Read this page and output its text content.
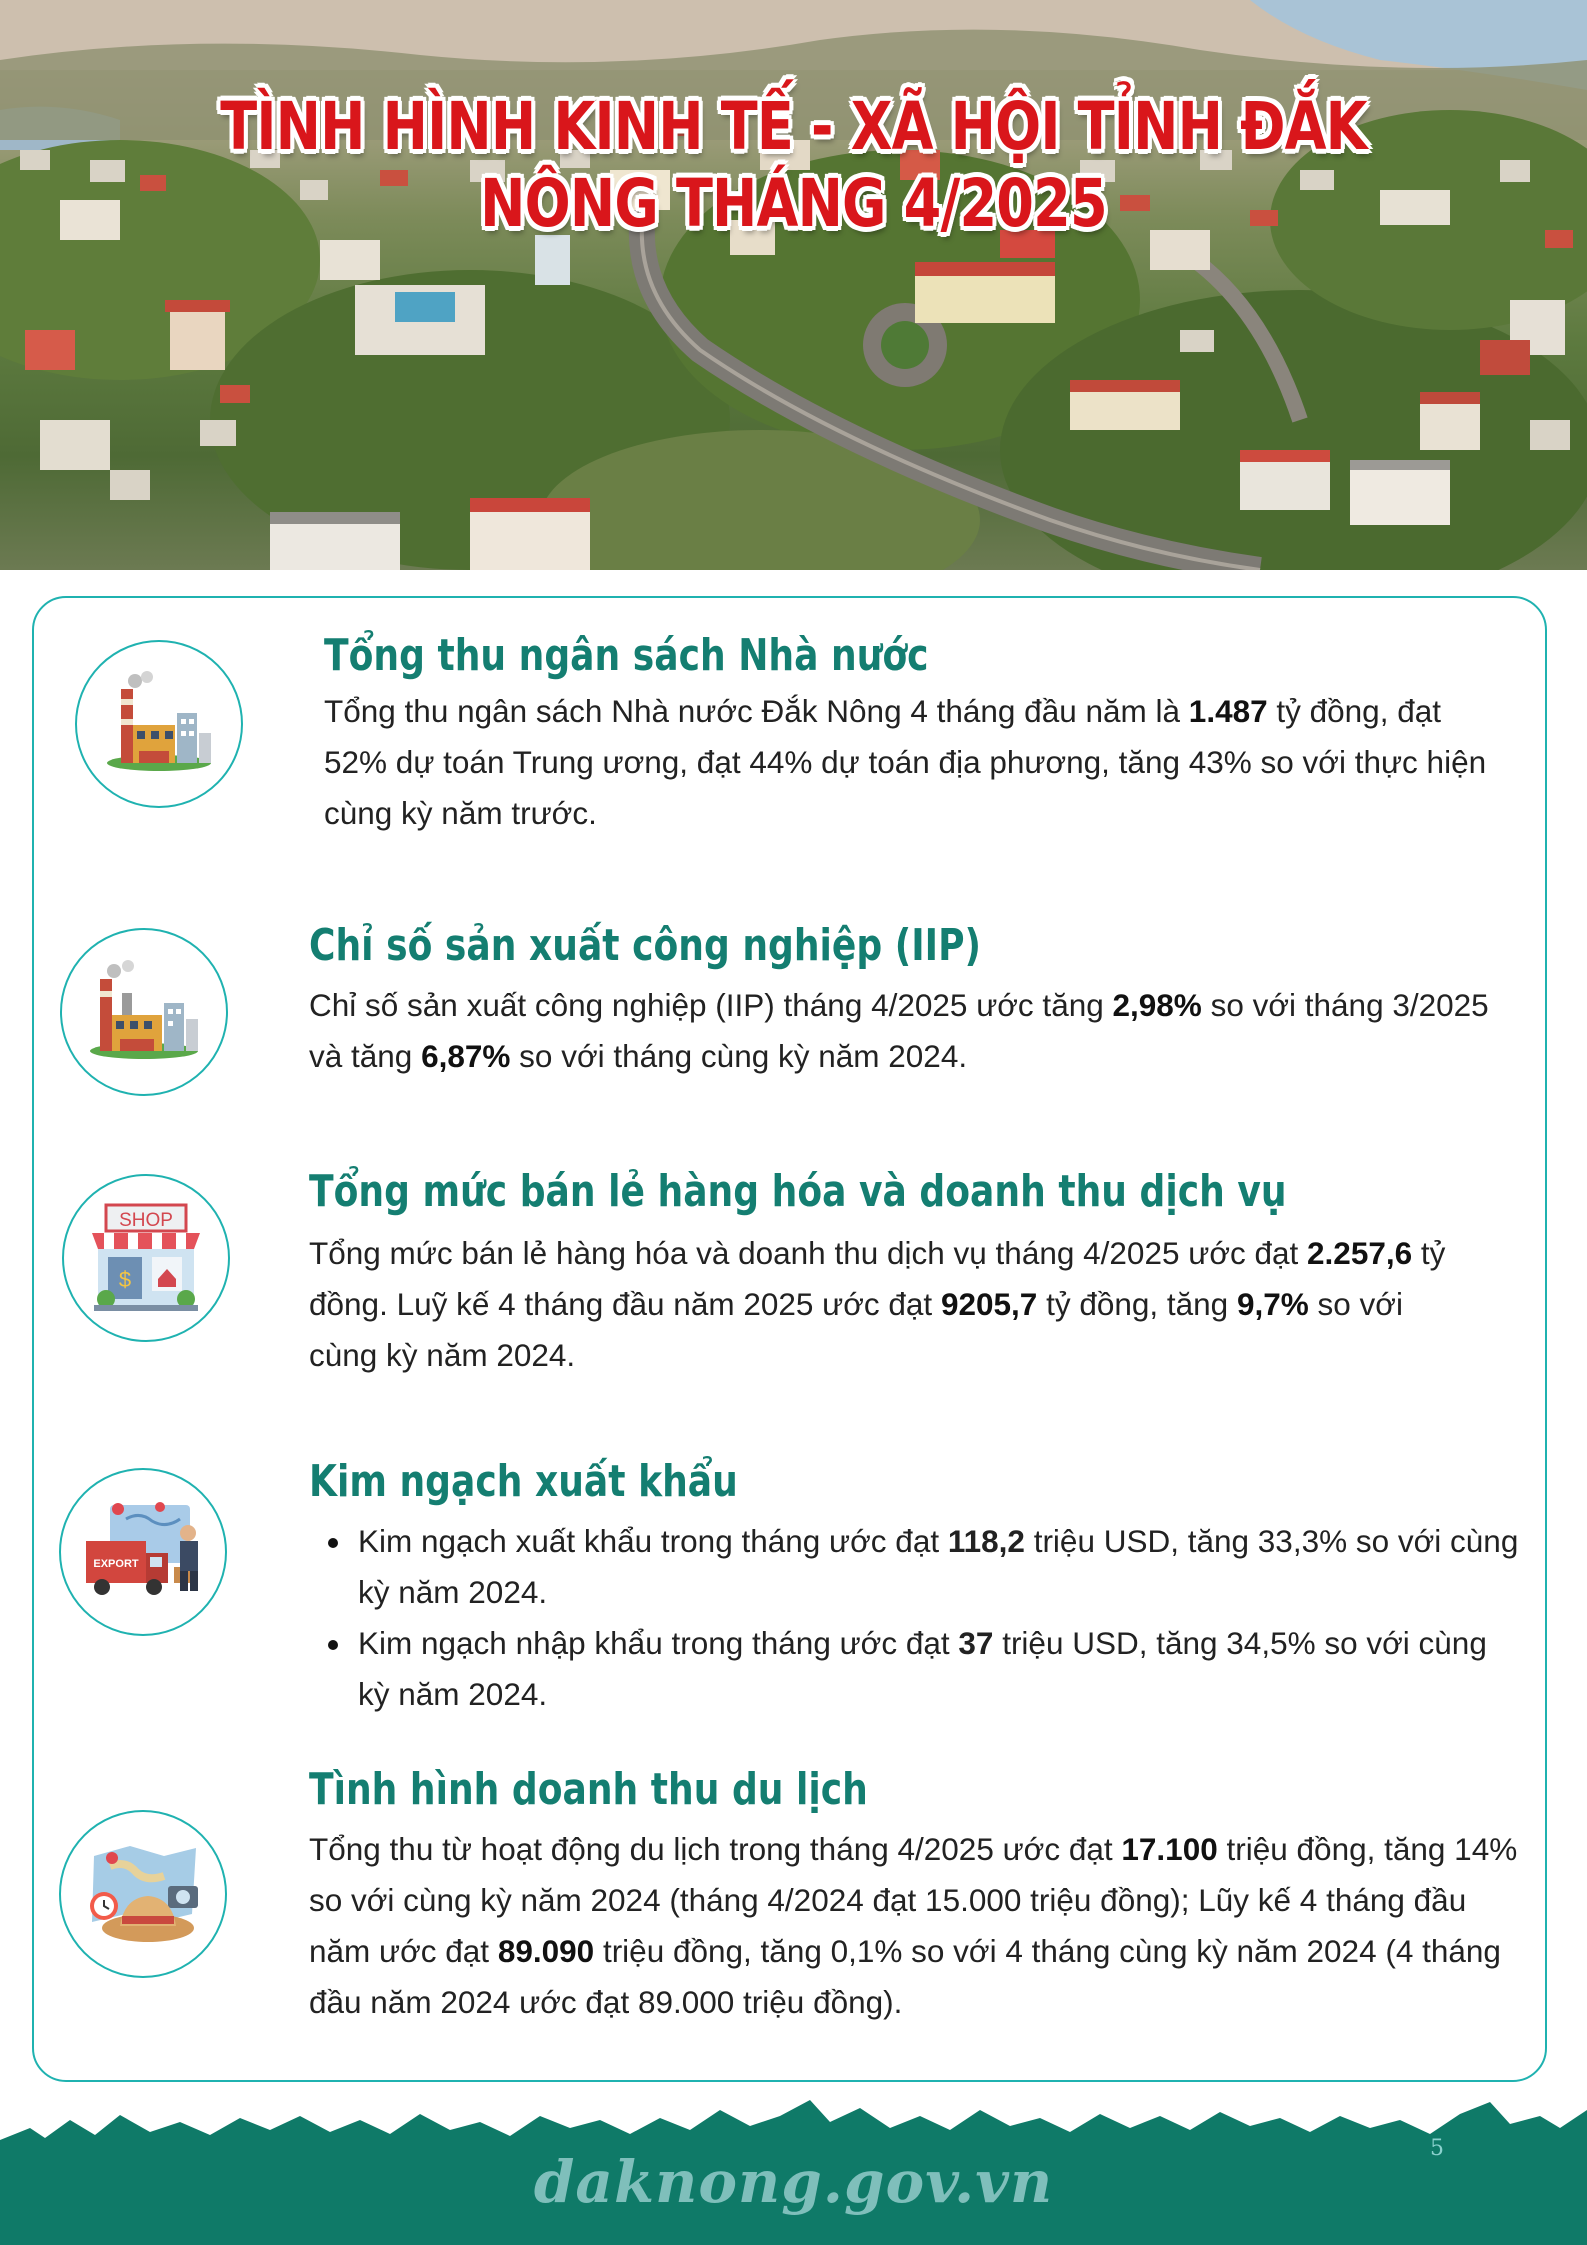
TÌNH HÌNH KINH TẾ - XÃ HỘI TỈNH ĐẮK NÔNG THÁNG 4/2025
Tổng thu ngân sách Nhà nước

Tổng thu ngân sách Nhà nước Đắk Nông 4 tháng đầu năm là 1.487 tỷ đồng, đạt 52% dự toán Trung ương, đạt 44% dự toán địa phương, tăng 43% so với thực hiện cùng kỳ năm trước.

Chỉ số sản xuất công nghiệp (IIP)

Chỉ số sản xuất công nghiệp (IIP) tháng 4/2025 ước tăng 2,98% so với tháng 3/2025 và tăng 6,87% so với tháng cùng kỳ năm 2024.

SHOP
$
Tổng mức bán lẻ hàng hóa và doanh thu dịch vụ

Tổng mức bán lẻ hàng hóa và doanh thu dịch vụ tháng 4/2025 ước đạt 2.257,6 tỷ đồng. Luỹ kế 4 tháng đầu năm 2025 ước đạt 9205,7 tỷ đồng, tăng 9,7% so với cùng kỳ năm 2024.

EXPORT
Kim ngạch xuất khẩu
Kim ngạch xuất khẩu trong tháng ước đạt 118,2 triệu USD, tăng 33,3% so với cùng kỳ năm 2024.
Kim ngạch nhập khẩu trong tháng ước đạt 37 triệu USD, tăng 34,5% so với cùng kỳ năm 2024.
Tình hình doanh thu du lịch

Tổng thu từ hoạt động du lịch trong tháng 4/2025 ước đạt 17.100 triệu đồng, tăng 14% so với cùng kỳ năm 2024 (tháng 4/2024 đạt 15.000 triệu đồng); Lũy kế 4 tháng đầu năm ước đạt 89.090 triệu đồng, tăng 0,1% so với 4 tháng cùng kỳ năm 2024 (4 tháng đầu năm 2024 ước đạt 89.000 triệu đồng).

daknong.gov.vn	5
